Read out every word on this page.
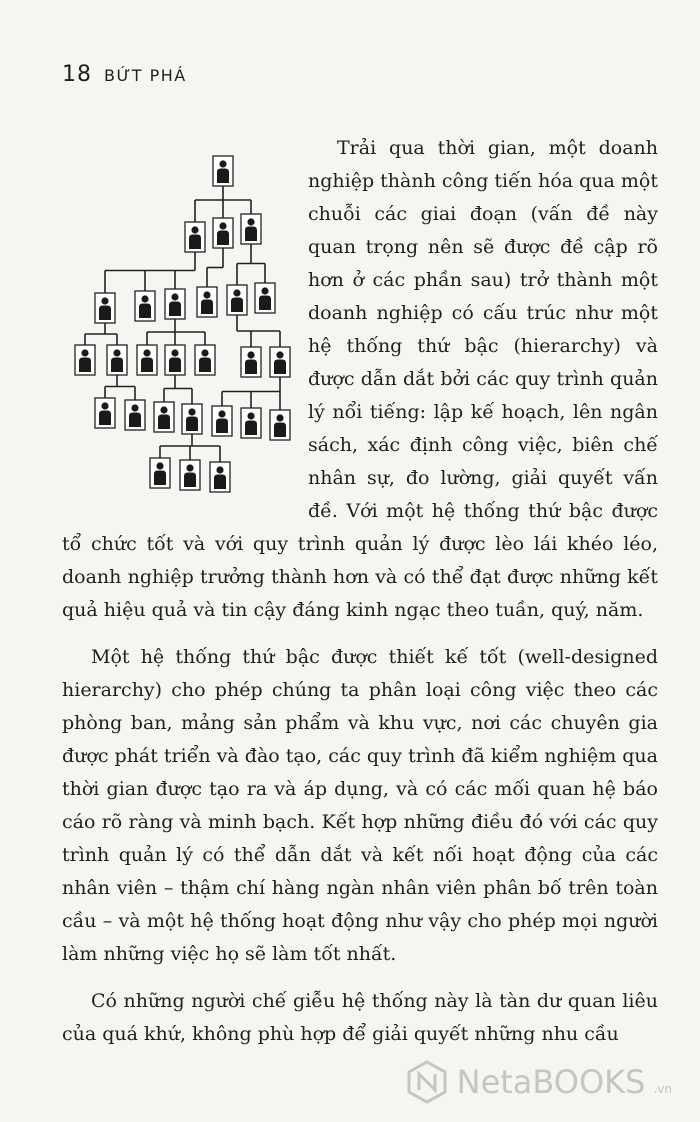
18 BỨT PHÁ

Trải qua thời gian, một doanh nghiệp thành công tiến hóa qua một chuỗi các giai đoạn (vấn đề này quan trọng nên sẽ được đề cập rõ hơn ở các phần sau) trở thành một doanh nghiệp có cấu trúc như một hệ thống thứ bậc (hierarchy) và được dẫn dắt bởi các quy trình quản lý nổi tiếng: lập kế hoạch, lên ngân sách, xác định công việc, biên chế nhân sự, đo lường, giải quyết vấn đề. Với một hệ thống thứ bậc được tổ chức tốt và với quy trình quản lý được lèo lái khéo léo, doanh nghiệp trưởng thành hơn và có thể đạt được những kết quả hiệu quả và tin cậy đáng kinh ngạc theo tuần, quý, năm.

Một hệ thống thứ bậc được thiết kế tốt (well-designed hierarchy) cho phép chúng ta phân loại công việc theo các phòng ban, mảng sản phẩm và khu vực, nơi các chuyên gia được phát triển và đào tạo, các quy trình đã kiểm nghiệm qua thời gian được tạo ra và áp dụng, và có các mối quan hệ báo cáo rõ ràng và minh bạch. Kết hợp những điều đó với các quy trình quản lý có thể dẫn dắt và kết nối hoạt động của các nhân viên – thậm chí hàng ngàn nhân viên phân bố trên toàn cầu – và một hệ thống hoạt động như vậy cho phép mọi người làm những việc họ sẽ làm tốt nhất.

Có những người chế giễu hệ thống này là tàn dư quan liêu của quá khứ, không phù hợp để giải quyết những nhu cầu

NetaBOOKS .vn
